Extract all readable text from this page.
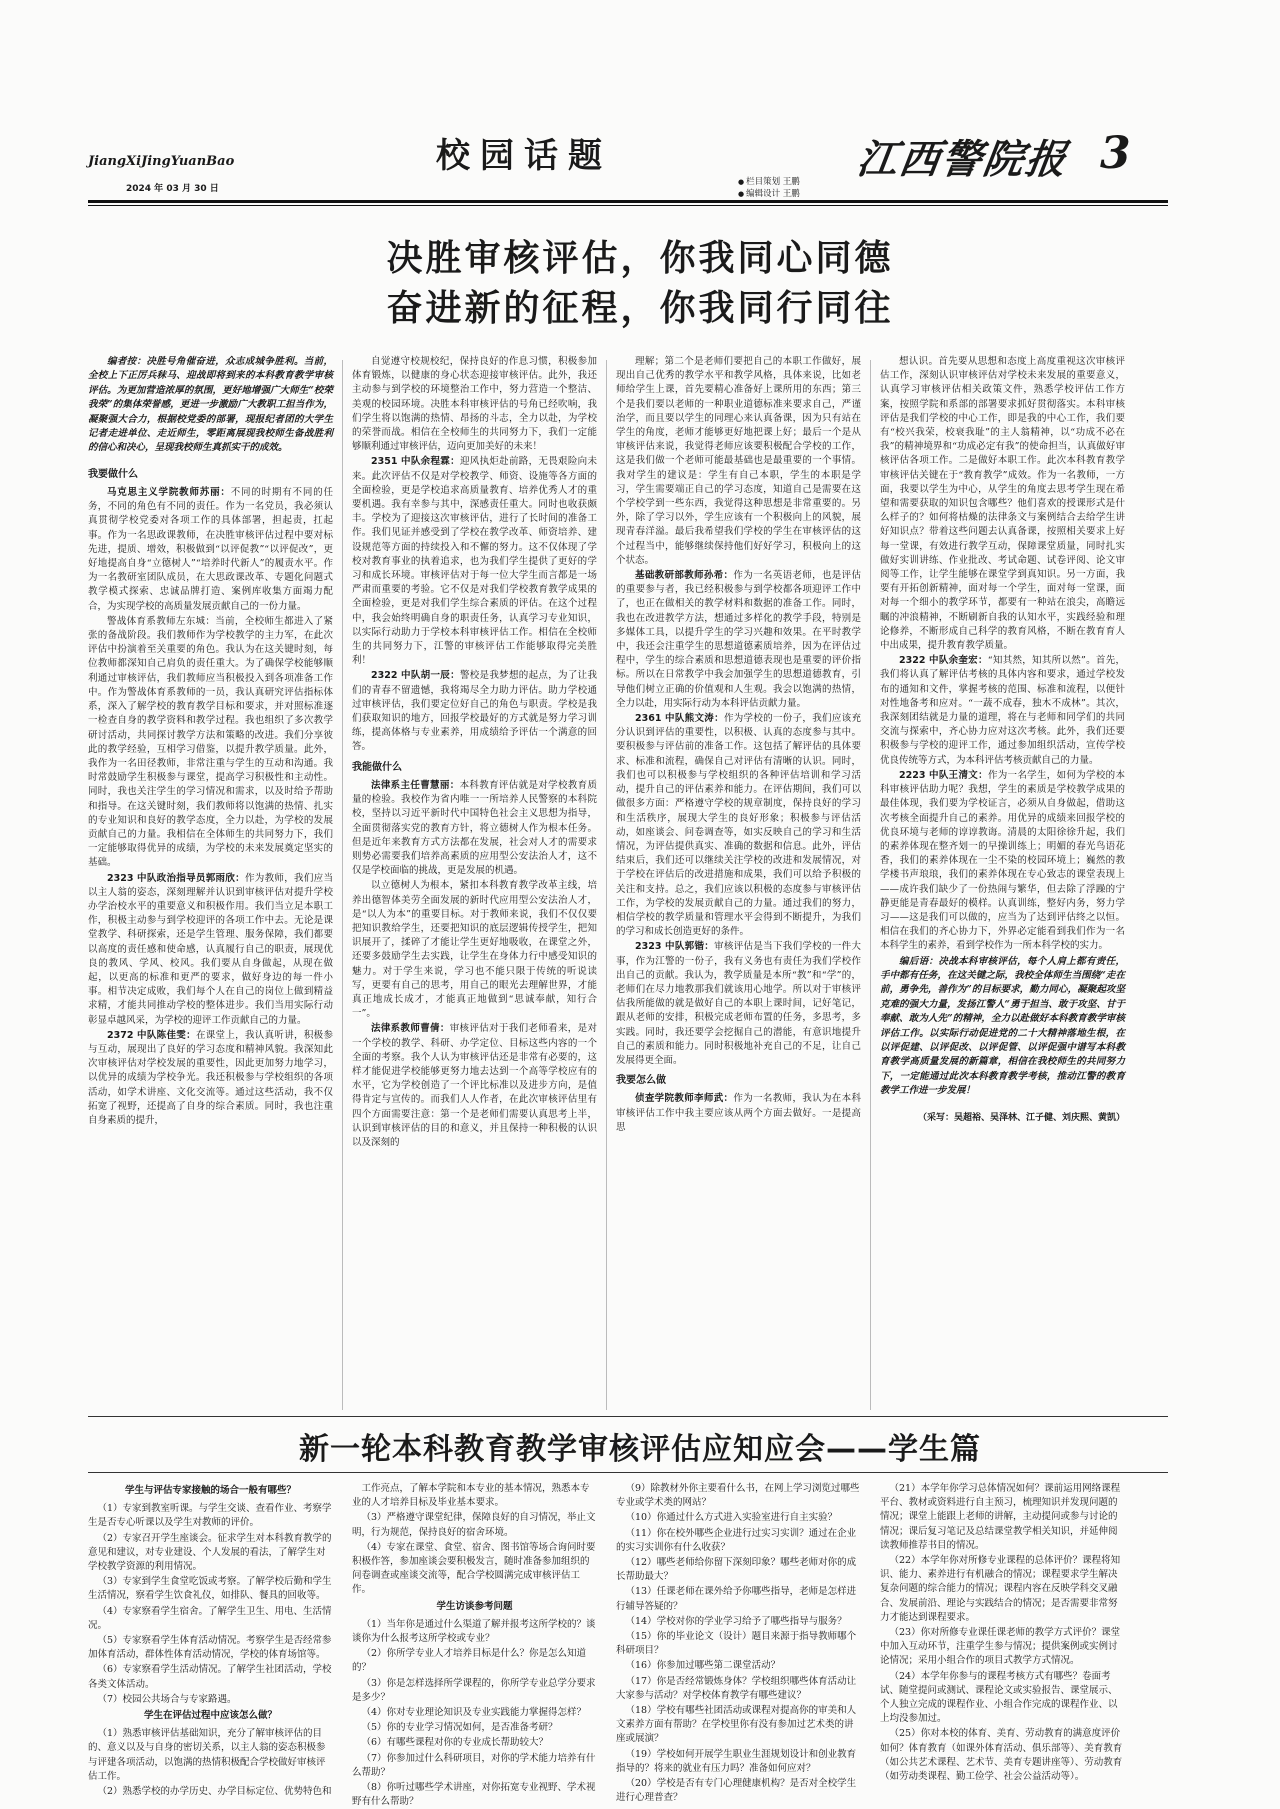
JiangXiJingYuanBao
2024 年 03 月 30 日
校园话题
● 栏目策划 王鹏
● 编辑设计 王鹏
江西警院报 3
决胜审核评估，你我同心同德
奋进新的征程，你我同行同往

编者按：决胜号角催奋进，众志成城争胜利。当前，全校上下正厉兵秣马、迎战即将到来的本科教育教学审核评估。为更加营造浓厚的氛围，更好地增强广大师生“校荣我荣”的集体荣誉感，更进一步激励广大教职工担当作为，凝聚强大合力，根据校党委的部署，现报纪者团的大学生记者走进单位、走近师生，零距离展现我校师生备战胜利的信心和决心，呈现我校师生真抓实干的成效。

我要做什么

马克思主义学院教师苏丽：不同的时期有不同的任务，不同的角色有不同的责任。作为一名党员，我必须认真贯彻学校党委对各项工作的具体部署，担起责，扛起事。作为一名思政课教师，在决胜审核评估过程中要对标先进，提质、增效，积极做到“以评促教”“以评促改”，更好地提高自身“立德树人”“培养时代新人”的履责水平。作为一名教研室团队成员，在大思政课改革、专题化问题式教学模式探索、忠诚品牌打造、案例库收集方面竭力配合，为实现学校的高质量发展贡献自己的一份力量。

警战体育系教师左东城：当前，全校师生都进入了紧张的备战阶段。我们教师作为学校教学的主力军，在此次评估中扮演着至关重要的角色。我认为在这关键时刻，每位教师都深知自己肩负的责任重大。为了确保学校能够顺利通过审核评估，我们教师应当积极投入到各项准备工作中。作为警战体育系教师的一员，我认真研究评估指标体系，深入了解学校的教育教学目标和要求，并对照标准逐一检查自身的教学资料和教学过程。我也组织了多次教学研讨活动，共同探讨教学方法和策略的改进。我们分享彼此的教学经验，互相学习借鉴，以提升教学质量。此外，我作为一名田径教师，非常注重与学生的互动和沟通。我时常鼓励学生积极参与课堂，提高学习积极性和主动性。同时，我也关注学生的学习情况和需求，以及时给予帮助和指导。在这关键时刻，我们教师将以饱满的热情、扎实的专业知识和良好的教学态度，全力以赴，为学校的发展贡献自己的力量。我相信在全体师生的共同努力下，我们一定能够取得优异的成绩，为学校的未来发展奠定坚实的基础。

2323 中队政治指导员郭雨欣：作为教师，我们应当以主人翁的姿态，深刻理解并认识到审核评估对提升学校办学治校水平的重要意义和积极作用。我们当立足本职工作，积极主动参与到学校迎评的各项工作中去。无论是课堂教学、科研探索，还是学生管理、服务保障，我们都要以高度的责任感和使命感，认真履行自己的职责，展现优良的教风、学风、校风。我们要从自身做起，从现在做起，以更高的标准和更严的要求，做好身边的每一件小事。相节决定成败，我们每个人在自己的岗位上做到精益求精，才能共同推动学校的整体进步。我们当用实际行动彰显卓越风采，为学校的迎评工作贡献自己的力量。

2372 中队陈佳雯：在课堂上，我认真听讲，积极参与互动，展现出了良好的学习态度和精神风貌。我深知此次审核评估对学校发展的重要性，因此更加努力地学习，以优异的成绩为学校争光。我还积极参与学校组织的各项活动，如学术讲座、文化交流等。通过这些活动，我不仅拓宽了视野，还提高了自身的综合素质。同时，我也注重自身素质的提升，

自觉遵守校规校纪，保持良好的作息习惯，积极参加体育锻炼，以健康的身心状态迎接审核评估。此外，我还主动参与到学校的环境整治工作中，努力营造一个整洁、美观的校园环境。决胜本科审核评估的号角已经吹响，我们学生将以饱满的热情、昂扬的斗志，全力以赴，为学校的荣誉而战。相信在全校师生的共同努力下，我们一定能够顺利通过审核评估，迈向更加美好的未来！

2351 中队余程霖：迎风执炬赴前路，无畏艰险向未来。此次评估不仅是对学校教学、师资、设施等各方面的全面检验，更是学校追求高质量教育、培养优秀人才的重要机遇。我有幸参与其中，深感责任重大。同时也收获颇丰。学校为了迎接这次审核评估，进行了长时间的准备工作。我们见证并感受到了学校在教学改革、师资培养、建设规范等方面的持续投入和不懈的努力。这不仅体现了学校对教育事业的执着追求，也为我们学生提供了更好的学习和成长环境。审核评估对于每一位大学生而言都是一场严肃而重要的考验。它不仅是对我们学校教育教学成果的全面检验，更是对我们学生综合素质的评估。在这个过程中，我会始终明确自身的职责任务，认真学习专业知识，以实际行动助力于学校本科审核评估工作。相信在全校师生的共同努力下，江警的审核评估工作能够取得完美胜利！

2322 中队胡一辰：警校是我梦想的起点，为了让我们的青春不留遗憾，我将竭尽全力助力评估。助力学校通过审核评估，我们要定位好自己的角色与职责。学校是我们获取知识的地方，回报学校最好的方式就是努力学习训练，提高体格与专业素养，用成绩给予评估一个满意的回答。

我能做什么

法律系主任曹慧丽：本科教育评估就是对学校教育质量的检验。我校作为省内唯一一所培养人民警察的本科院校，坚持以习近平新时代中国特色社会主义思想为指导，全面贯彻落实党的教育方针，将立德树人作为根本任务。但是近年来教育方式方法都在发展，社会对人才的需要求则势必需要我们培养高素质的应用型公安法治人才，这不仅是学校面临的挑战，更是发展的机遇。

以立德树人为根本，紧扣本科教育教学改革主线，培养出德智体美劳全面发展的新时代应用型公安法治人才，是“以人为本”的重要目标。对于教师来说，我们不仅仅要把知识教给学生，还要把知识的底层逻辑传授学生，把知识展开了，揉碎了才能让学生更好地吸收，在课堂之外，还要多鼓励学生去实践，让学生在身体力行中感受知识的魅力。对于学生来说，学习也不能只限于传统的听说读写，更要有自己的思考，用自己的眼光去理解世界，才能真正地成长成才，才能真正地做到“思诚奉献，知行合一”。

法律系教师曹倩：审核评估对于我们老师看来，是对一个学校的教学、科研、办学定位、目标这些内容的一个全面的考察。我个人认为审核评估还是非常有必要的，这样才能促进学校能够更努力地去达到一个高等学校应有的水平，它为学校创造了一个评比标准以及进步方向，是值得肯定与宣传的。而我们人人作者，在此次审核评估里有四个方面需要注意：第一个是老师们需要认真思考上半，认识到审核评估的目的和意义，并且保持一种积极的认识以及深刻的

理解；第二个是老师们要把自己的本职工作做好，展现出自己优秀的教学水平和教学风格，具体来说，比如老师给学生上课，首先要精心准备好上课所用的东西；第三个是我们要以老师的一种职业道德标准来要求自己，严谨治学，而且要以学生的同理心来认真备课，因为只有站在学生的角度，老师才能够更好地把课上好；最后一个是从审核评估来说，我觉得老师应该要积极配合学校的工作，这是我们做一个老师可能最基础也是最重要的一个事情。我对学生的建议是：学生有自己本职，学生的本职是学习，学生需要端正自己的学习态度，知道自己是需要在这个学校学到一些东西，我觉得这种思想是非常重要的。另外，除了学习以外，学生应该有一个积极向上的风貌，展现青春洋溢。最后我希望我们学校的学生在审核评估的这个过程当中，能够继续保持他们好好学习，积极向上的这个状态。

基础教研部教师孙希：作为一名英语老师，也是评估的重要参与者，我已经积极参与到学校都各项迎评工作中了，也正在做相关的教学材料和数据的准备工作。同时，我也在改进教学方法，想通过多样化的教学手段，特别是多媒体工具，以提升学生的学习兴趣和效果。在平时教学中，我还会注重学生的思想道德素质培养，因为在评估过程中，学生的综合素质和思想道德表现也是重要的评价指标。所以在日常教学中我会加强学生的思想道德教育，引导他们树立正确的价值观和人生观。我会以饱满的热情，全力以赴，用实际行动为本科评估贡献力量。

2361 中队熊文涛：作为学校的一份子，我们应该充分认识到评估的重要性，以积极、认真的态度参与其中。要积极参与评估前的准备工作。这包括了解评估的具体要求、标准和流程，确保自己对评估有清晰的认识。同时，我们也可以积极参与学校组织的各种评估培训和学习活动，提升自己的评估素养和能力。在评估期间，我们可以做很多方面：严格遵守学校的规章制度，保持良好的学习和生活秩序，展现大学生的良好形象；积极参与评估活动，如座谈会、问卷调查等，如实反映自己的学习和生活情况，为评估提供真实、准确的数据和信息。此外，评估结束后，我们还可以继续关注学校的改进和发展情况，对于学校在评估后的改进措施和成果，我们可以给予积极的关注和支持。总之，我们应该以积极的态度参与审核评估工作，为学校的发展贡献自己的力量。通过我们的努力，相信学校的教学质量和管理水平会得到不断提升，为我们的学习和成长创造更好的条件。

2323 中队郭锴：审核评估是当下我们学校的一件大事，作为江警的一份子，我有义务也有责任为我们学校作出自己的贡献。我认为，教学质量是本所“教”和“学”的，老师们在尽力地教那我们就该用心地学。所以对于审核评估我所能做的就是做好自己的本职上课时间，记好笔记，跟从老师的安排，积极完成老师布置的任务，多思考，多实践。同时，我还要学会挖掘自己的潜能，有意识地提升自己的素质和能力。同时积极地补充自己的不足，让自己发展得更全面。

我要怎么做

侦查学院教师李师武：作为一名教师，我认为在本科审核评估工作中我主要应该从两个方面去做好。一是提高思

想认识。首先要从思想和态度上高度重视这次审核评估工作，深刻认识审核评估对学校未来发展的重要意义，认真学习审核评估相关政策文件，熟悉学校评估工作方案，按照学院和系部的部署要求抓好贯彻落实。本科审核评估是我们学校的中心工作，即是我的中心工作，我们要有“校兴我荣，校衰我耻”的主人翁精神，以“功成不必在我”的精神境界和“功成必定有我”的使命担当，认真做好审核评估各项工作。二是做好本职工作。此次本科教育教学审核评估关键在于“教育教学”成效。作为一名教师，一方面，我要以学生为中心，从学生的角度去思考学生现在希望和需要获取的知识包含哪些？他们喜欢的授课形式是什么样子的？如何将枯燥的法律条文与案例结合去给学生讲好知识点？带着这些问题去认真备课，按照相关要求上好每一堂课，有效进行教学互动，保障课堂质量，同时扎实做好实训讲练、作业批改、考试命题、试卷评阅、论文审阅等工作，让学生能够在课堂学到真知识。另一方面，我要有开拓创新精神，面对每一个学生，面对每一堂课，面对每一个细小的教学环节，都要有一种站在浪尖，高瞻远瞩的冲浪精神，不断刷新自我的认知水平，实践经验和理论修养，不断形成自己科学的教育风格，不断在教育育人中出成果，提升教育教学质量。

2322 中队余奎宏：“知其然，知其所以然”。首先，我们将认真了解评估考核的具体内容和要求，通过学校发布的通知和文件，掌握考核的范围、标准和流程，以便针对性地备考和应对。“一蔬不成春，独木不成林”。其次，我深刻团结就是力量的道理，将在与老师和同学们的共同交流与探索中，齐心协力应对这次考核。此外，我们还要积极参与学校的迎评工作，通过参加组织活动，宣传学校优良传统等方式，为本科评估考核贡献自己的力量。

2223 中队王清文：作为一名学生，如何为学校的本科审核评估助力呢？我想，学生的素质是学校教学成果的最佳体现，我们要为学校证言，必须从自身做起，借助这次考核全面提升自己的素养。用优异的成绩来回报学校的优良环境与老师的谆谆教诲。清晨的太阳徐徐升起，我们的素养体现在整齐划一的早操训练上；明媚的春光鸟语花香，我们的素养体现在一尘不染的校园环境上；巍然的教学楼书声琅琅，我们的素养体现在专心致志的课堂表现上——成许我们缺少了一份热闹与繁华，但去除了浮躁的宁静更能是青春最好的模样。认真训练，整好内务，努力学习——这是我们可以做的，应当为了达到评估终之以恒。相信在我们的齐心协力下，外界必定能看到我们作为一名本科学生的素养，看到学校作为一所本科学校的实力。

编后语：决战本科审核评估，每个人肩上都有责任，手中都有任务，在这关键之际，我校全体师生当围绕“走在前，勇争先，善作为”的目标要求，勤力同心，凝聚起攻坚克难的强大力量，发扬江警人“勇于担当、敢于攻坚、甘于奉献、敢为人先”的精神，全力以赴做好本科教育教学审核评估工作。以实际行动促进党的二十大精神落地生根，在以评促建、以评促改、以评促管、以评促强中谱写本科教育教学高质量发展的新篇章，相信在我校师生的共同努力下，一定能通过此次本科教育教学考核，推动江警的教育教学工作进一步发展！

（采写：吴超裕、吴泽林、江子健、刘庆熙、黄凯）

新一轮本科教育教学审核评估应知应会——学生篇
学生与评估专家接触的场合一般有哪些？
（1）专家到教室听课。与学生交谈、查看作业、考察学生是否专心听课以及学生对教师的评价。
（2）专家召开学生座谈会。征求学生对本科教育教学的意见和建议，对专业建设、个人发展的看法，了解学生对学校教学资源的利用情况。
（3）专家到学生食堂吃饭或考察。了解学校后勤和学生生活情况，察看学生饮食礼仪，如排队、餐具的回收等。
（4）专家察看学生宿舍。了解学生卫生、用电、生活情况。
（5）专家察看学生体育活动情况。考察学生是否经常参加体育活动，群体性体育活动情况，学校的体育场馆等。
（6）专家察看学生活动情况。了解学生社团活动，学校各类文体活动。
（7）校园公共场合与专家路遇。
学生在评估过程中应该怎么做？
（1）熟悉审核评估基础知识，充分了解审核评估的目的、意义以及与自身的密切关系，以主人翁的姿态积极参与评建各项活动，以饱满的热情积极配合学校做好审核评估工作。
（2）熟悉学校的办学历史、办学目标定位、优势特色和
工作亮点，了解本学院和本专业的基本情况，熟悉本专业的人才培养目标及毕业基本要求。
（3）严格遵守课堂纪律，保障良好的自习情况，举止文明，行为规范，保持良好的宿舍环境。
（4）专家在课堂、食堂、宿舍、图书馆等场合询问时要积极作答，参加座谈会要积极发言，随时准备参加组织的问卷调查或座谈交流等，配合学校圆满完成审核评估工作。
学生访谈参考问题
（1）当年你是通过什么渠道了解并报考这所学校的？谈谈你为什么报考这所学校或专业？
（2）你所学专业人才培养目标是什么？你是怎么知道的？
（3）你是怎样选择所学课程的，你所学专业总学分要求是多少？
（4）你对专业理论知识及专业实践能力掌握得怎样？
（5）你的专业学习情况如何，是否准备考研？
（6）有哪些课程对你的专业成长帮助较大？
（7）你参加过什么科研项目，对你的学术能力培养有什么帮助？
（8）你听过哪些学术讲座，对你拓宽专业视野、学术视野有什么帮助？
（9）除教材外你主要看什么书，在网上学习浏览过哪些专业或学术类的网站？
（10）你通过什么方式进入实验室进行自主实验？
（11）你在校外哪些企业进行过实习实训？通过在企业的实习实训你有什么收获？
（12）哪些老师给你留下深刻印象？哪些老师对你的成长帮助最大？
（13）任课老师在课外给予你哪些指导，老师是怎样进行辅导答疑的？
（14）学校对你的学业学习给予了哪些指导与服务？
（15）你的毕业论文（设计）题目来源于指导教师哪个科研项目？
（16）你参加过哪些第二课堂活动？
（17）你是否经常锻炼身体？学校组织哪些体育活动让大家参与活动？对学校体育教学有哪些建议？
（18）学校有哪些社团活动或课程对提高你的审美和人文素养方面有帮助？在学校里你有没有参加过艺术类的讲座或展演？
（19）学校如何开展学生职业生涯规划设计和创业教育指导的？将来的就业有压力吗？准备如何应对？
（20）学校是否有专门心理健康机构？是否对全校学生进行心理普查？
（21）本学年你学习总体情况如何？课前运用网络课程平台、教材或资料进行自主预习，梳理知识并发现问题的情况；课堂上能跟上老师的讲解，主动提问或参与讨论的情况；课后复习笔记及总结课堂教学相关知识，并延伸阅读教师推荐书目的情况。
（22）本学年你对所修专业课程的总体评价？课程将知识、能力、素养进行有机融合的情况；课程要求学生解决复杂问题的综合能力的情况；课程内容在反映学科交叉融合、发展前沿、理论与实践结合的情况；是否需要非常努力才能达到课程要求。
（23）你对所修专业课任课老师的教学方式评价？课堂中加入互动环节，注重学生参与情况；提供案例或实例讨论情况；采用小组合作的项目式教学方式情况。
（24）本学年你参与的课程考核方式有哪些？卷面考试、随堂提问或测试、课程论文或实验报告、课堂展示、个人独立完成的课程作业、小组合作完成的课程作业、以上均没参加过。
（25）你对本校的体育、美育、劳动教育的满意度评价如何？体育教育（如课外体育活动、俱乐部等）、美育教育（如公共艺术课程、艺术节、美育专题讲座等）、劳动教育（如劳动类课程、勤工俭学、社会公益活动等）。
